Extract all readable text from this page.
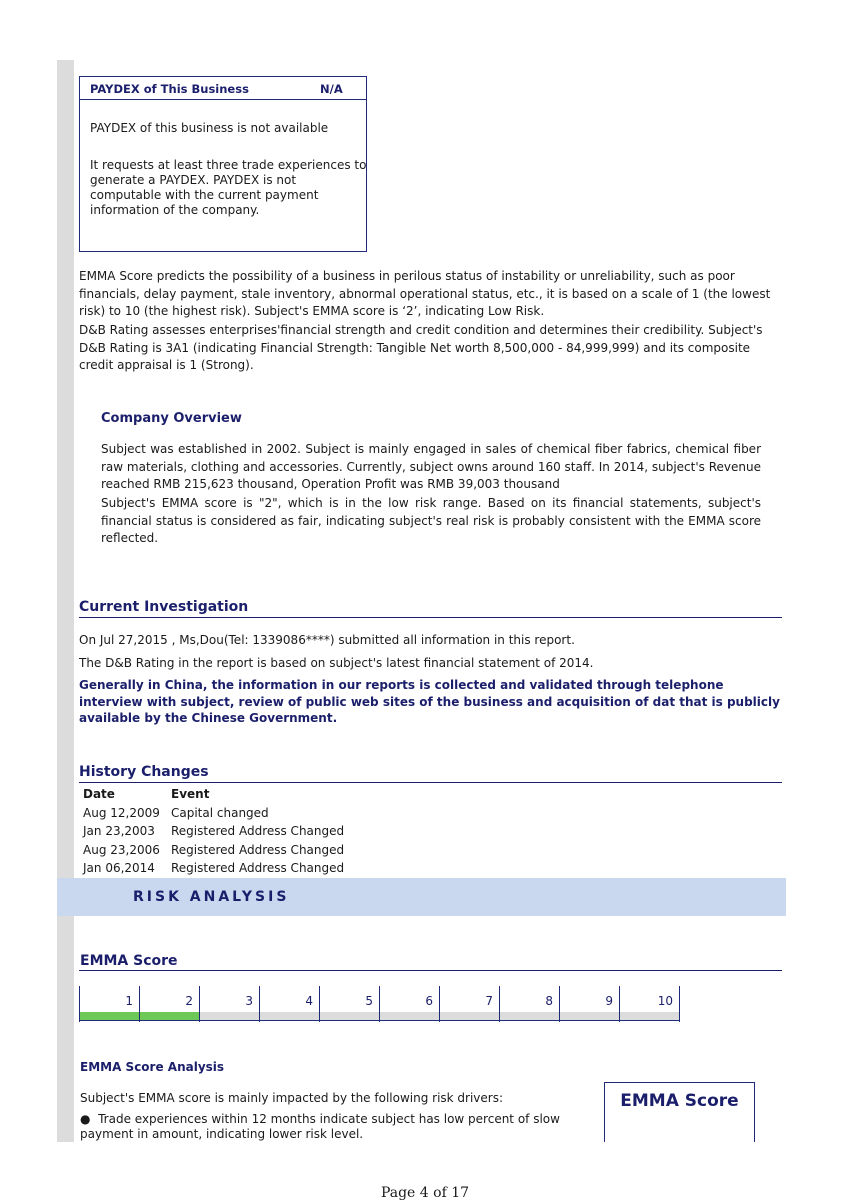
PAYDEX of This Business	N/A
PAYDEX of this business is not available
It requests at least three trade experiences to generate a PAYDEX. PAYDEX is not computable with the current payment information of the company.
EMMA Score predicts the possibility of a business in perilous status of instability or unreliability, such as poor financials, delay payment, stale inventory, abnormal operational status, etc., it is based on a scale of 1 (the lowest risk) to 10 (the highest risk). Subject's EMMA score is ‘2’, indicating Low Risk.
D&B Rating assesses enterprises'financial strength and credit condition and determines their credibility. Subject's D&B Rating is 3A1 (indicating Financial Strength: Tangible Net worth 8,500,000 - 84,999,999) and its composite credit appraisal is 1 (Strong).
Company Overview
Subject was established in 2002. Subject is mainly engaged in sales of chemical fiber fabrics, chemical fiber raw materials, clothing and accessories. Currently, subject owns around 160 staff. In 2014, subject's Revenue reached RMB 215,623 thousand, Operation Profit was RMB 39,003 thousand
Subject's EMMA score is "2", which is in the low risk range. Based on its financial statements, subject's financial status is considered as fair, indicating subject's real risk is probably consistent with the EMMA score reflected.
Current Investigation
On Jul 27,2015 , Ms,Dou(Tel: 1339086****) submitted all information in this report.
The D&B Rating in the report is based on subject's latest financial statement of 2014.
Generally in China, the information in our reports is collected and validated through telephone interview with subject, review of public web sites of the business and acquisition of dat that is publicly available by the Chinese Government.
History Changes
Date	Event
Aug 12,2009 Capital changed
Jan 23,2003 Registered Address Changed
Aug 23,2006 Registered Address Changed
Jan 06,2014 Registered Address Changed
RISK ANALYSIS
EMMA Score
1	2	3	4	5	6	7	8	9	10
EMMA Score Analysis
Subject's EMMA score is mainly impacted by the following risk drivers:
●  Trade experiences within 12 months indicate subject has low percent of slow payment in amount, indicating lower risk level.
EMMA Score
Page 4 of 17
